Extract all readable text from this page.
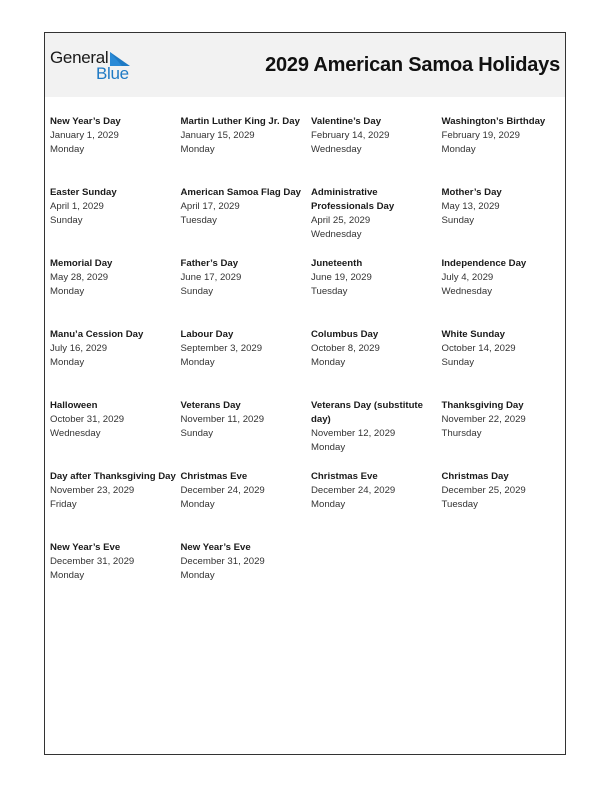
General
Blue	2029 American Samoa Holidays
New Year’s Day
January 1, 2029
Monday
Martin Luther King Jr. Day
January 15, 2029
Monday
Valentine’s Day
February 14, 2029
Wednesday
Washington’s Birthday
February 19, 2029
Monday
Easter Sunday
April 1, 2029
Sunday
American Samoa Flag Day
April 17, 2029
Tuesday
Administrative Professionals Day
April 25, 2029
Wednesday
Mother’s Day
May 13, 2029
Sunday
Memorial Day
May 28, 2029
Monday
Father’s Day
June 17, 2029
Sunday
Juneteenth
June 19, 2029
Tuesday
Independence Day
July 4, 2029
Wednesday
Manu’a Cession Day
July 16, 2029
Monday
Labour Day
September 3, 2029
Monday
Columbus Day
October 8, 2029
Monday
White Sunday
October 14, 2029
Sunday
Halloween
October 31, 2029
Wednesday
Veterans Day
November 11, 2029
Sunday
Veterans Day (substitute day)
November 12, 2029
Monday
Thanksgiving Day
November 22, 2029
Thursday
Day after Thanksgiving Day
November 23, 2029
Friday
Christmas Eve
December 24, 2029
Monday
Christmas Eve
December 24, 2029
Monday
Christmas Day
December 25, 2029
Tuesday
New Year’s Eve
December 31, 2029
Monday
New Year’s Eve
December 31, 2029
Monday
